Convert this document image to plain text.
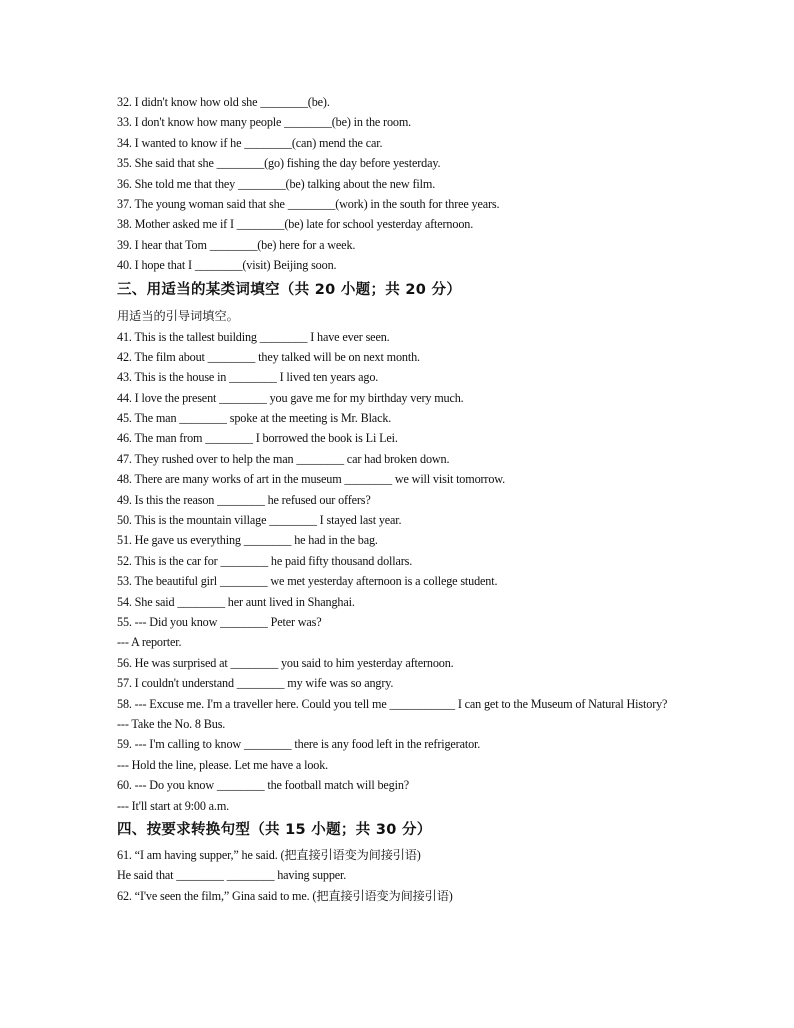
32. I didn't know how old she ________(be).
33. I don't know how many people ________(be) in the room.
34. I wanted to know if he ________(can) mend the car.
35. She said that she ________(go) fishing the day before yesterday.
36. She told me that they ________(be) talking about the new film.
37. The young woman said that she ________(work) in the south for three years.
38. Mother asked me if I ________(be) late for school yesterday afternoon.
39. I hear that Tom ________(be) here for a week.
40. I hope that I ________(visit) Beijing soon.
三、用适当的某类词填空（共 20 小题；共 20 分）
用适当的引导词填空。
41. This is the tallest building ________ I have ever seen.
42. The film about ________ they talked will be on next month.
43. This is the house in ________ I lived ten years ago.
44. I love the present ________ you gave me for my birthday very much.
45. The man ________ spoke at the meeting is Mr. Black.
46. The man from ________ I borrowed the book is Li Lei.
47. They rushed over to help the man ________ car had broken down.
48. There are many works of art in the museum ________ we will visit tomorrow.
49. Is this the reason ________ he refused our offers?
50. This is the mountain village ________ I stayed last year.
51. He gave us everything ________ he had in the bag.
52. This is the car for ________ he paid fifty thousand dollars.
53. The beautiful girl ________ we met yesterday afternoon is a college student.
54. She said ________ her aunt lived in Shanghai.
55. --- Did you know ________ Peter was?
--- A reporter.
56. He was surprised at ________ you said to him yesterday afternoon.
57. I couldn't understand ________ my wife was so angry.
58. --- Excuse me. I'm a traveller here. Could you tell me ___________ I can get to the Museum of Natural History?
--- Take the No. 8 Bus.
59. --- I'm calling to know ________ there is any food left in the refrigerator.
--- Hold the line, please. Let me have a look.
60. --- Do you know ________ the football match will begin?
--- It'll start at 9:00 a.m.
四、按要求转换句型（共 15 小题；共 30 分）
61. “I am having supper,” he said. (把直接引语变为间接引语)
He said that ________ ________ having supper.
62. “I've seen the film,” Gina said to me. (把直接引语变为间接引语)
